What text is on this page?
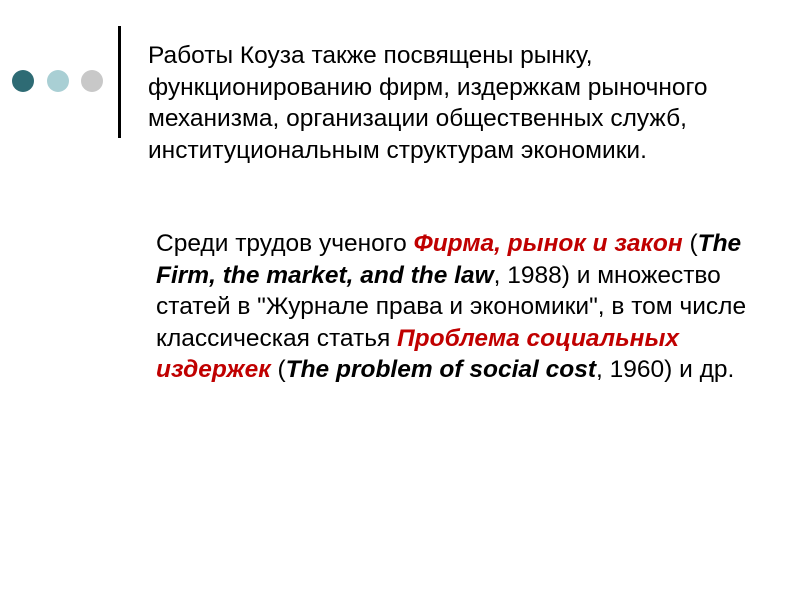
Работы Коуза также посвящены рынку, функционированию фирм, издержкам рыночного механизма, организации общественных служб, институциональным структурам экономики.

Среди трудов ученого Фирма, рынок и закон (The Firm, the market, and the law, 1988) и множество статей в "Журнале права и экономики", в том числе классическая статья Проблема социальных издержек (The problem of social cost, 1960) и др.
